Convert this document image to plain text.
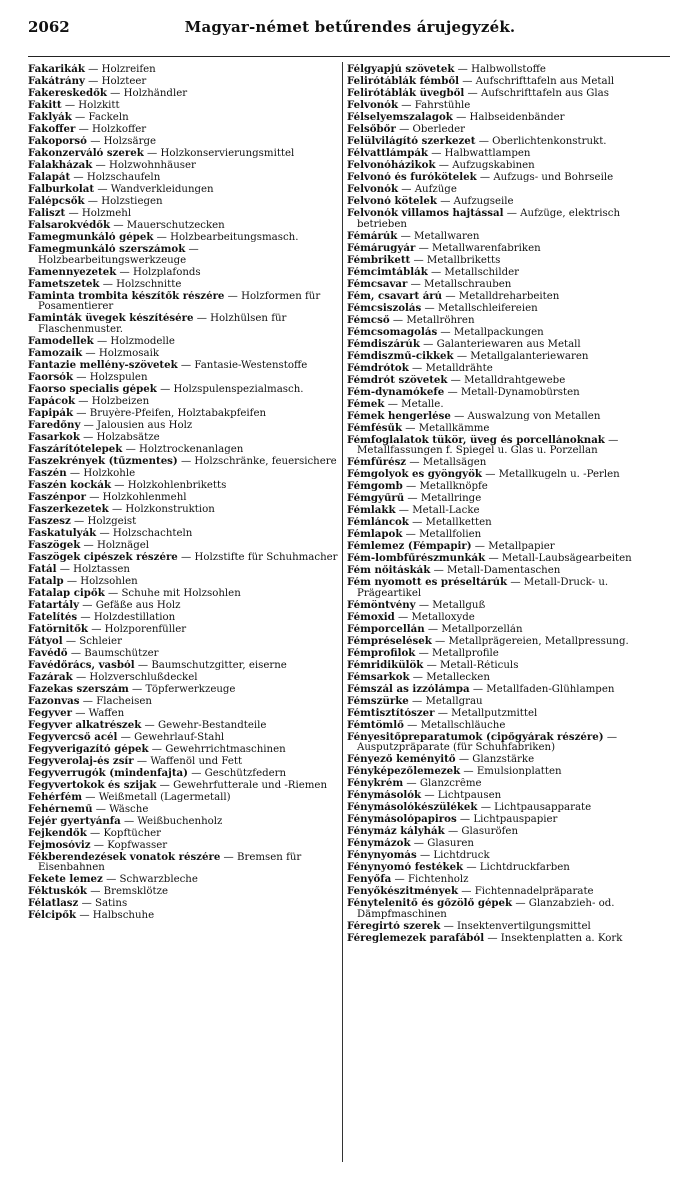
Magyar-német betűrendes árujegyzék.
2062
Fakarikák — Holzreifen
Fakátrány — Holzteer
Fakereskedők — Holzhändler
Fakitt — Holzkitt
Faklyák — Fackeln
Fakoffer — Holzkoffer
Fakoporsó — Holzsärge
Fakonzerváló szerek — Holzkonservierungsmittel
Falakházak — Holzwohnhäuser
Falapát — Holzschaufeln
Falburkolat — Wandverkleidungen
Falépcsők — Holzstiegen
Faliszt — Holzmehl
Falsarokvédők — Mauerschutzecken
Famegmunkáló gépek — Holzbearbeitungsmasch.
Famegmunkáló szerszámok — Holzbearbeitungswerkzeuge
Famennyezetek — Holzplafonds
Fametszetek — Holzschnitte
Faminta trombita készítők részére — Holzformen für Posamentierer
Faminták üvegek készítésére — Holzhülsen für Flaschenmuster.
Famodellek — Holzmodelle
Famozaik — Holzmosaik
Fantazie mellény-szövetek — Fantasie-Westenstoffe
Faorsók — Holzspulen
Faorso specialis gépek — Holzspulenspezialmasch.
Fapácok — Holzbeizen
Fapipák — Bruyère-Pfeifen, Holztabakpfeifen
Faredőny — Jalousien aus Holz
Fasarkok — Holzabsätze
Faszárítótelepek — Holztrockenanlagen
Faszekrények (tűzmentes) — Holzschränke, feuersichere
Faszén — Holzkohle
Faszén kockák — Holzkohlenbriketts
Faszénpor — Holzkohlenmehl
Faszerkezetek — Holzkonstruktion
Faszesz — Holzgeist
Faskatulyák — Holzschachteln
Faszögek — Holznägel
Faszögek cipészek részére — Holzstifte für Schuhmacher
Fatál — Holztassen
Fatalp — Holzsohlen
Fatalap cipők — Schuhe mit Holzsohlen
Fatartály — Gefäße aus Holz
Fatelítés — Holzdestillation
Fatörnitők — Holzporenfüller
Fátyol — Schleier
Favédő — Baumschützer
Favédőrács, vasból — Baumschutzgitter, eiserne
Fazárak — Holzverschlußdeckel
Fazekas szerszám — Töpferwerkzeuge
Fazonvas — Flacheisen
Fegyver — Waffen
Fegyver alkatrészek — Gewehr-Bestandteile
Fegyvercső acél — Gewehrlauf-Stahl
Fegyverigazító gépek — Gewehrrichtmaschinen
Fegyverolaj-és zsír — Waffenöl und Fett
Fegyverrugók (mindenfajta) — Geschützfedern
Fegyvertokok és szijak — Gewehrfutterale und -Riemen
Fehérfém — Weißmetall (Lagermetall)
Fehérnemű — Wäsche
Fejér gyertyánfa — Weißbuchenholz
Fejkendők — Kopftücher
Fejmosóviz — Kopfwasser
Fékberendezések vonatok részére — Bremsen für Eisenbahnen
Fekete lemez — Schwarzbleche
Féktuskók — Bremsklötze
Félatlasz — Satins
Félcipők — Halbschuhe
Félgyapjú szövetek — Halbwollstoffe
Felirótáblák fémből — Aufschrifttafeln aus Metall
Felirótáblák üvegből — Aufschrifttafeln aus Glas
Felvonók — Fahrstühle
Félselyemszalagok — Halbseidenbänder
Felsőbőr — Oberleder
Felülvilágító szerkezet — Oberlichtenkonstrukt.
Félvattlámpák — Halbwattlampen
Felvonóházikok — Aufzugskabinen
Felvonó és furókötelek — Aufzugs- und Bohrseile
Felvonók — Aufzüge
Felvonó kötelek — Aufzugseile
Felvonók villamos hajtással — Aufzüge, elektrisch betrieben
Fémárúk — Metallwaren
Fémárugyár — Metallwarenfabriken
Fémbrikett — Metallbriketts
Fémcimtáblák — Metallschilder
Fémcsavar — Metallschrauben
Fém, csavart árú — Metalldreharbeiten
Fémcsiszolás — Metallschleifereien
Fémcső — Metallröhren
Fémcsomagolás — Metallpackungen
Fémdiszárúk — Galanteriewaren aus Metall
Fémdiszmű-cikkek — Metallgalanteriewaren
Fémdrótok — Metalldrähte
Fémdrót szövetek — Metalldrahtgewebe
Fém-dynamókefe — Metall-Dynamobürsten
Fémek — Metalle.
Fémek hengerlése — Auswalzung von Metallen
Fémfésűk — Metallkämme
Fémfoglalatok tükör, üveg és porcellánoknak — Metallfassungen f. Spiegel u. Glas u. Porzellan
Fémfűrész — Metallsägen
Fémgolyok es gyöngyök — Metallkugeln u. -Perlen
Fémgomb — Metallknöpfe
Fémgyűrű — Metallringe
Fémlakk — Metall-Lacke
Fémláncok — Metallketten
Fémlapok — Metallfolien
Fémlemez (Fémpapir) — Metallpapier
Fém-lombfűrészmunkák — Metall-Laubsägearbeiten
Fém nőitáskák — Metall-Damentaschen
Fém nyomott es préseltárúk — Metall-Druck- u. Prägeartikel
Fémöntvény — Metallguß
Fémoxid — Metalloxyde
Fémporcellán — Metallporzellán
Fémpréselések — Metallprägereien, Metallpressung.
Fémprofilok — Metallprofile
Fémridikülök — Metall-Réticuls
Fémsarkok — Metallecken
Fémszál as izzólámpa — Metallfaden-Glühlampen
Fémszürke — Metallgrau
Fémtisztítószer — Metallputzmittel
Fémtömlő — Metallschläuche
Fényesitőpreparatumok (cipőgyárak részére) — Ausputzpräparate (für Schuhfabriken)
Fényező keményitő — Glanzstärke
Fényképezőlemezek — Emulsionplatten
Fénykrém — Glanzcrême
Fénymásolók — Lichtpausen
Fénymásolókészülékek — Lichtpausapparate
Fénymásolópapiros — Lichtpauspapier
Fénymáz kályhák — Glasuröfen
Fénymázok — Glasuren
Fénynyomás — Lichtdruck
Fénynyomó festékek — Lichtdruckfarben
Fenyőfa — Fichtenholz
Fenyőkészitmények — Fichtennadelpräparate
Fénytelenitő és gőzölő gépek — Glanzabzieh- od. Dämpfmaschinen
Féregirtó szerek — Insektenvertilgungsmittel
Féreglemezek parafából — Insektenplatten a. Kork
